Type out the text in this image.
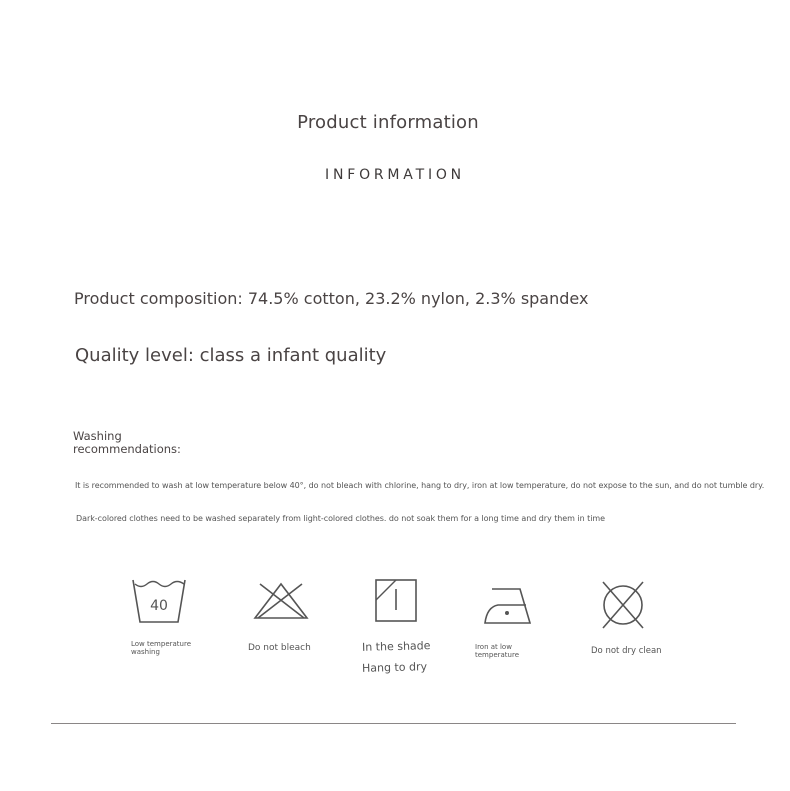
Product information
INFORMATION
Product composition: 74.5% cotton, 23.2% nylon, 2.3% spandex
Quality level: class a infant quality
Washing recommendations:
It is recommended to wash at low temperature below 40°, do not bleach with chlorine, hang to dry, iron at low temperature, do not expose to the sun, and do not tumble dry.
Dark-colored clothes need to be washed separately from light-colored clothes. do not soak them for a long time and dry them in time
40
Low temperature washing	Do not bleach	In the shade
Hang to dry
Iron at low temperature	Do not dry clean
